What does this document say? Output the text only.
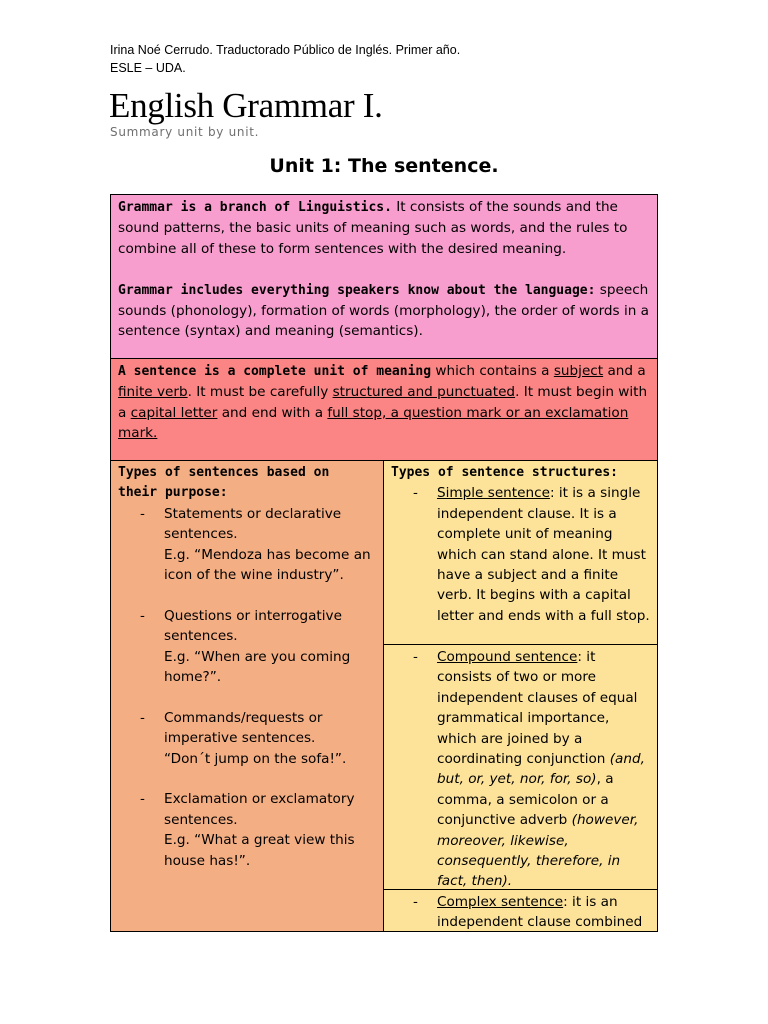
Irina Noé Cerrudo. Traductorado Público de Inglés. Primer año.
ESLE – UDA.
English Grammar I.
Summary unit by unit.
Unit 1: The sentence.
Grammar is a branch of Linguistics. It consists of the sounds and the sound patterns, the basic units of meaning such as words, and the rules to combine all of these to form sentences with the desired meaning.
Grammar includes everything speakers know about the language: speech sounds (phonology), formation of words (morphology), the order of words in a sentence (syntax) and meaning (semantics).
A sentence is a complete unit of meaning which contains a subject and a finite verb. It must be carefully structured and punctuated. It must begin with a capital letter and end with a full stop, a question mark or an exclamation mark.
Types of sentences based on their purpose:
- Statements or declarative sentences.
E.g. “Mendoza has become an icon of the wine industry”.
- Questions or interrogative sentences.
E.g. “When are you coming home?”.
- Commands/requests or imperative sentences.
“Don´t jump on the sofa!”.
- Exclamation or exclamatory sentences.
E.g. “What a great view this house has!”.
Types of sentence structures:
- Simple sentence: it is a single independent clause. It is a complete unit of meaning which can stand alone. It must have a subject and a finite verb. It begins with a capital letter and ends with a full stop.
- Compound sentence: it consists of two or more independent clauses of equal grammatical importance, which are joined by a coordinating conjunction (and, but, or, yet, nor, for, so), a comma, a semicolon or a conjunctive adverb (however, moreover, likewise, consequently, therefore, in fact, then).
- Complex sentence: it is an independent clause combined
